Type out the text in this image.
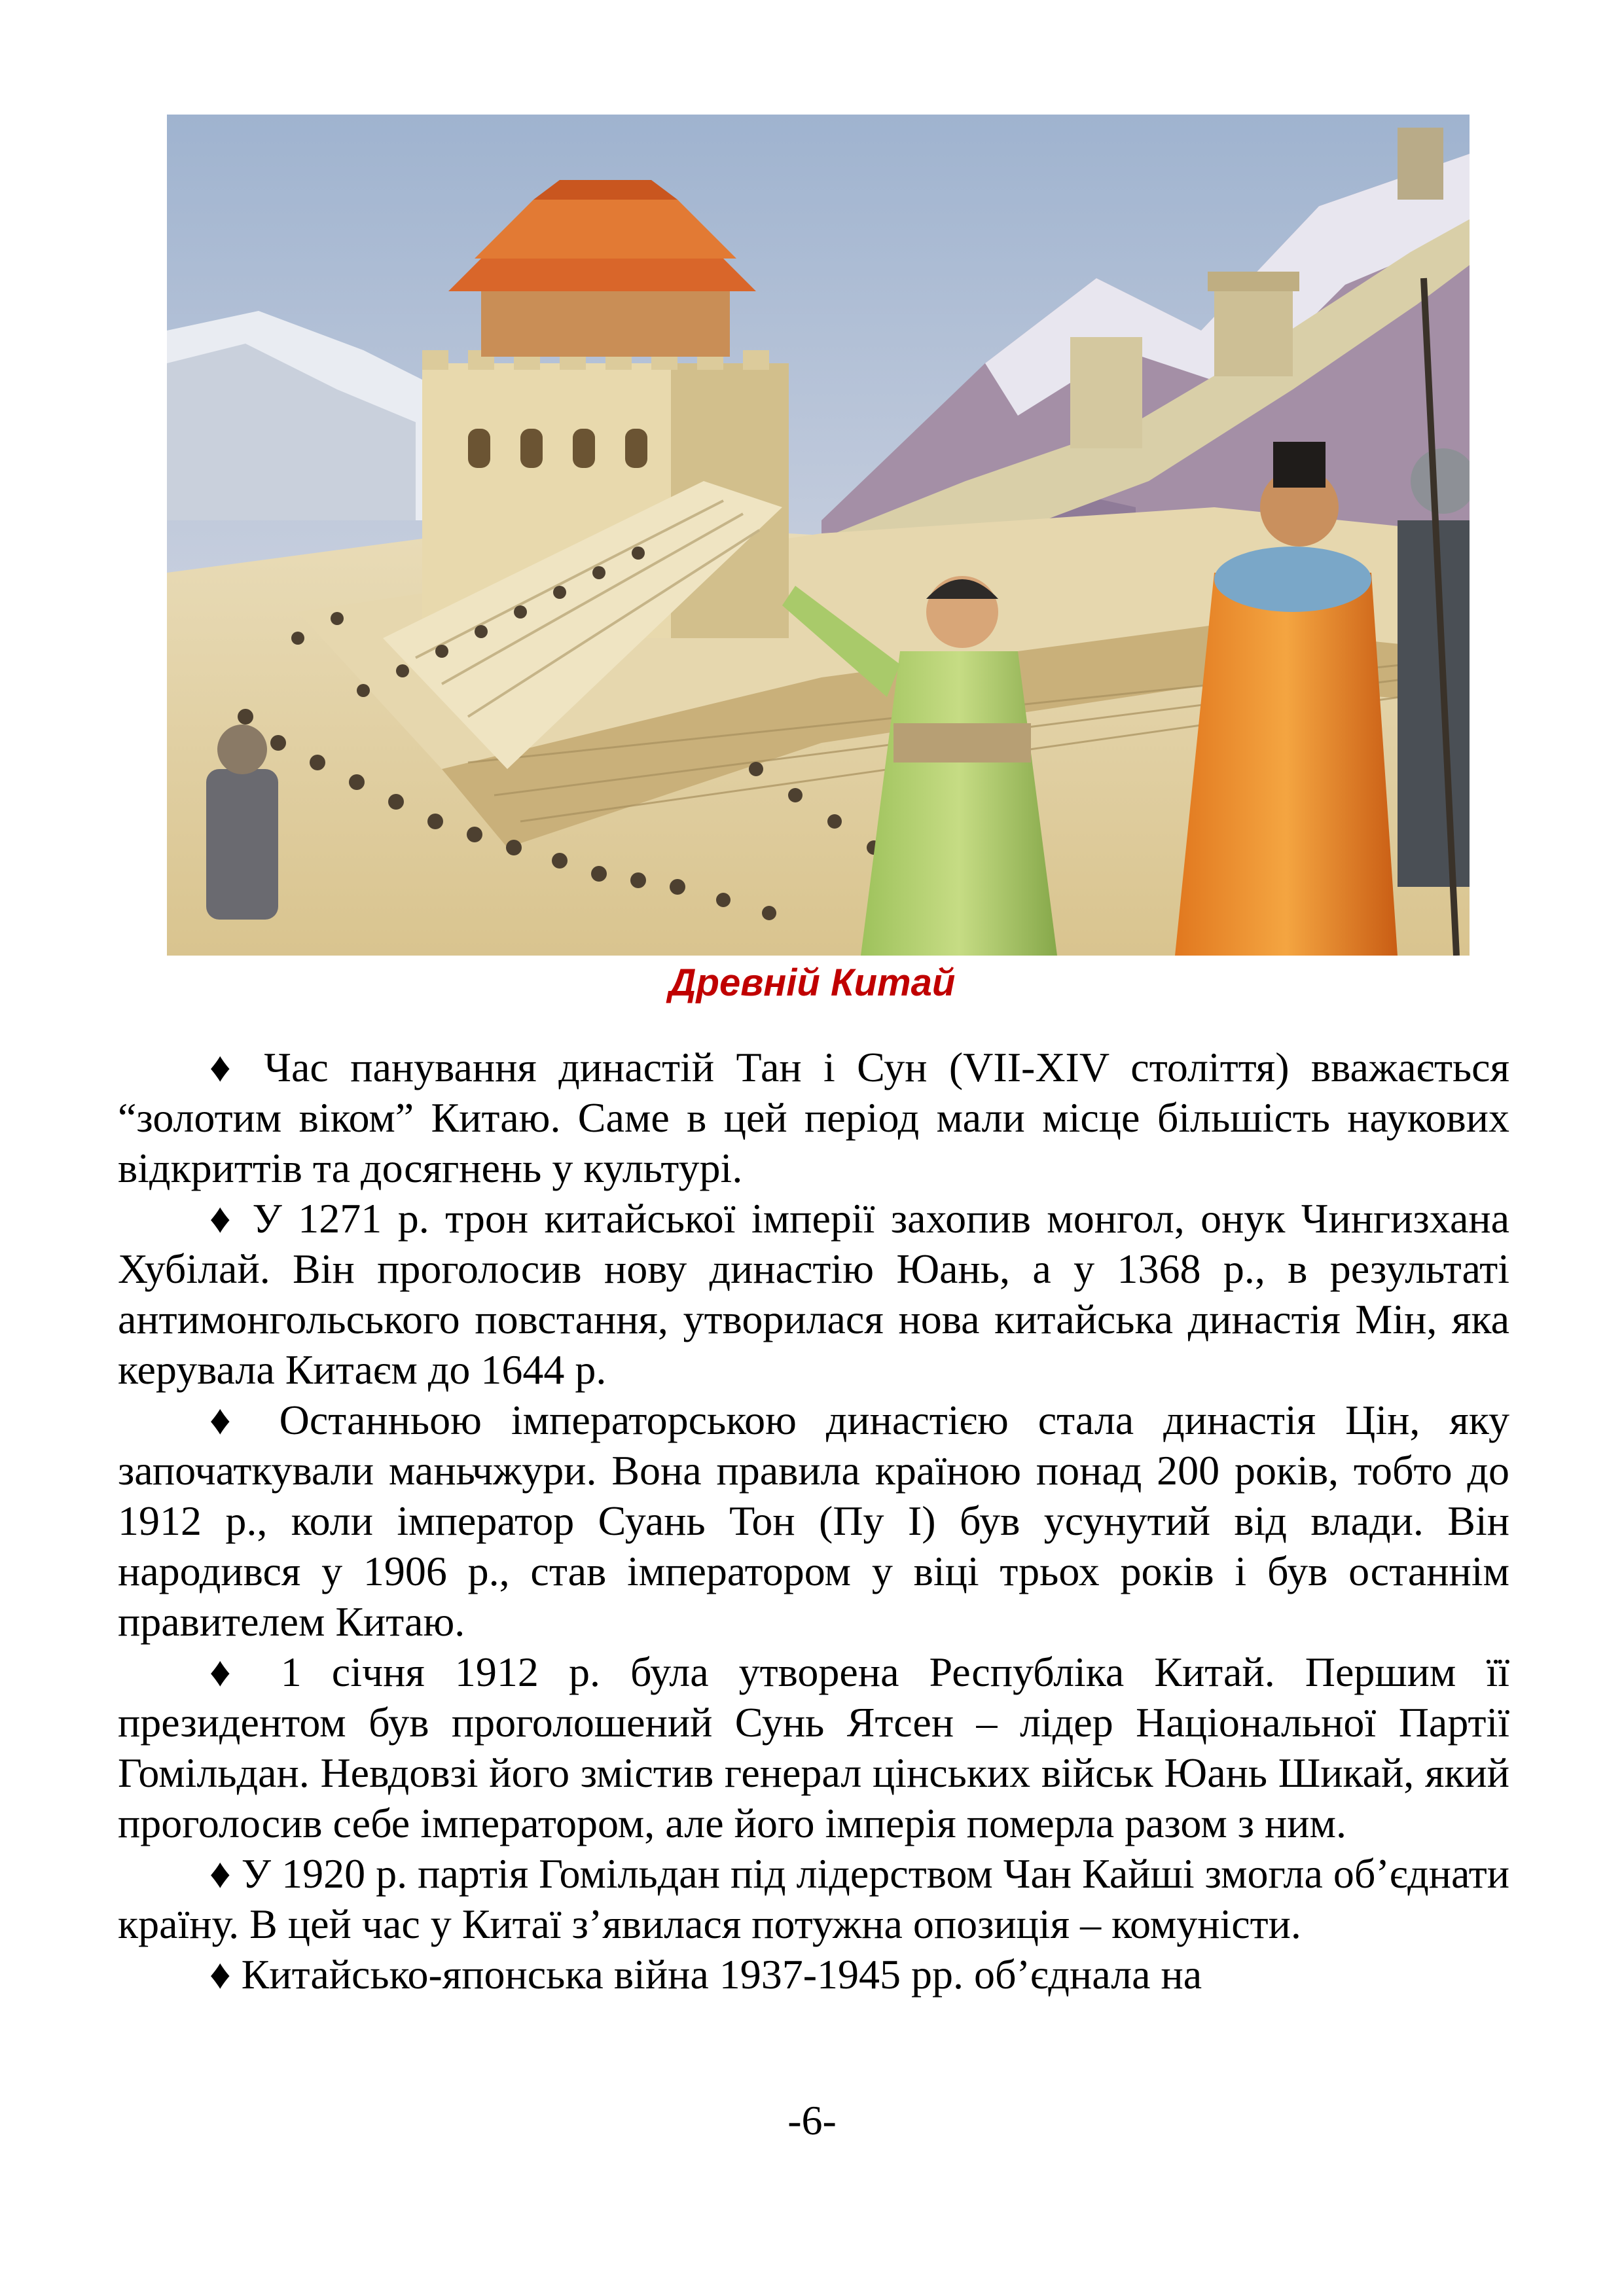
Древній Китай

♦ Час панування династій Тан і Сун (VII-XIV століття) вважається “золотим віком” Китаю. Саме в цей період мали місце більшість наукових відкриттів та досягнень у культурі.

♦ У 1271 р. трон китайської імперії захопив монгол, онук Чингизхана Хубілай. Він проголосив нову династію Юань, а у 1368 р., в результаті антимонгольського повстання, утворилася нова китайська династія Мін, яка керувала Китаєм до 1644 р.

♦ Останньою імператорською династією стала династія Цін, яку започаткували маньчжури. Вона правила країною понад 200 років, тобто до 1912 р., коли імператор Суань Тон (Пу І) був усунутий від влади. Він народився у 1906 р., став імператором у віці трьох років і був останнім правителем Китаю.

♦ 1 січня 1912 р. була утворена Республіка Китай. Першим її президентом був проголошений Сунь Ятсен – лідер Національної Партії Гомільдан. Невдовзі його змістив генерал цінських військ Юань Шикай, який проголосив себе імператором, але його імперія померла разом з ним.

♦ У 1920 р. партія Гомільдан під лідерством Чан Кайші змогла об’єднати країну. В цей час у Китаї з’явилася потужна опозиція – комуністи.

♦ Китайсько-японська війна 1937-1945 рр. об’єднала на

-6-
